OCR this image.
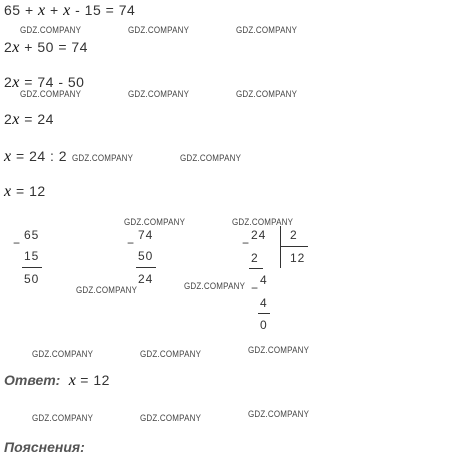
65 + x + x - 15 = 74
2x + 50 = 74
2x = 74 - 50
2x = 24
x = 24 : 2
x = 12
−
65
15
50
−
74
50
24
−
24 2
12
2
−
4
4
0
Ответ: x = 12
Пояснения:
GDZ.COMPANY	GDZ.COMPANY	GDZ.COMPANY
GDZ.COMPANY	GDZ.COMPANY	GDZ.COMPANY
GDZ.COMPANY	GDZ.COMPANY
GDZ.COMPANY	GDZ.COMPANY
GDZ.COMPANY	GDZ.COMPANY
GDZ.COMPANY	GDZ.COMPANY	GDZ.COMPANY
GDZ.COMPANY	GDZ.COMPANY	GDZ.COMPANY
